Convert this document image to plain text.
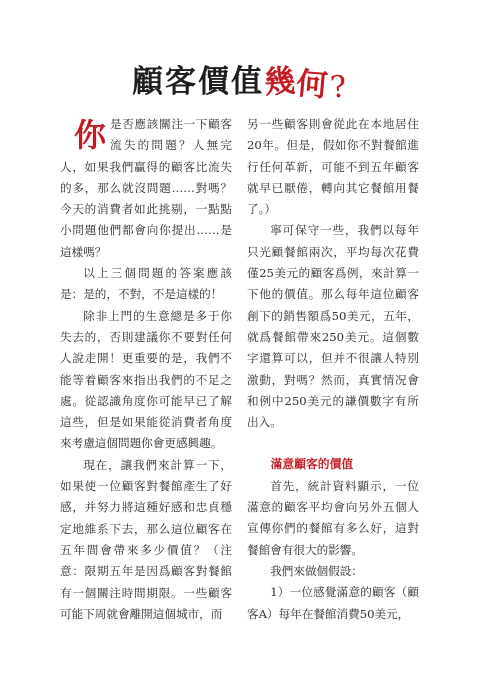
顧客價值幾何?

你是否應該關注一下顧客流失的問題？人無完人，如果我們贏得的顧客比流失的多，那么就沒問題……對嗎？今天的消費者如此挑剔，一點點小問題他們都會向你提出……是這樣嗎？

以上三個問題的答案應該是：是的，不對，不是這樣的！

除非上門的生意總是多于你失去的，否則建議你不要對任何人說走開！更重要的是，我們不能等着顧客來指出我們的不足之處。從認識角度你可能早已了解這些，但是如果能從消費者角度來考慮這個問題你會更感興趣。

現在，讓我們來計算一下，如果使一位顧客對餐館產生了好感，并努力將這種好感和忠貞穩定地維系下去，那么這位顧客在五年間會帶來多少價值？（注意：限期五年是因爲顧客對餐館有一個關注時間期限。一些顧客可能下周就會離開這個城市，而

另一些顧客則會從此在本地居住20年。但是，假如你不對餐館進行任何革新，可能不到五年顧客就早已厭倦，轉向其它餐館用餐了。）

寧可保守一些，我們以每年只光顧餐館兩次，平均每次花費僅25美元的顧客爲例，來計算一下他的價值。那么每年這位顧客創下的銷售額爲50美元，五年，就爲餐館帶來250美元。這個數字還算可以，但并不很讓人特別激動，對嗎？然而，真實情况會和例中250美元的謙價數字有所出入。

滿意顧客的價值

首先，統計資料顯示，一位滿意的顧客平均會向另外五個人宣傳你們的餐館有多么好，這對餐館會有很大的影響。

我們來做個假設：

1）一位感覺滿意的顧客（顧客A）每年在餐館消費50美元，
